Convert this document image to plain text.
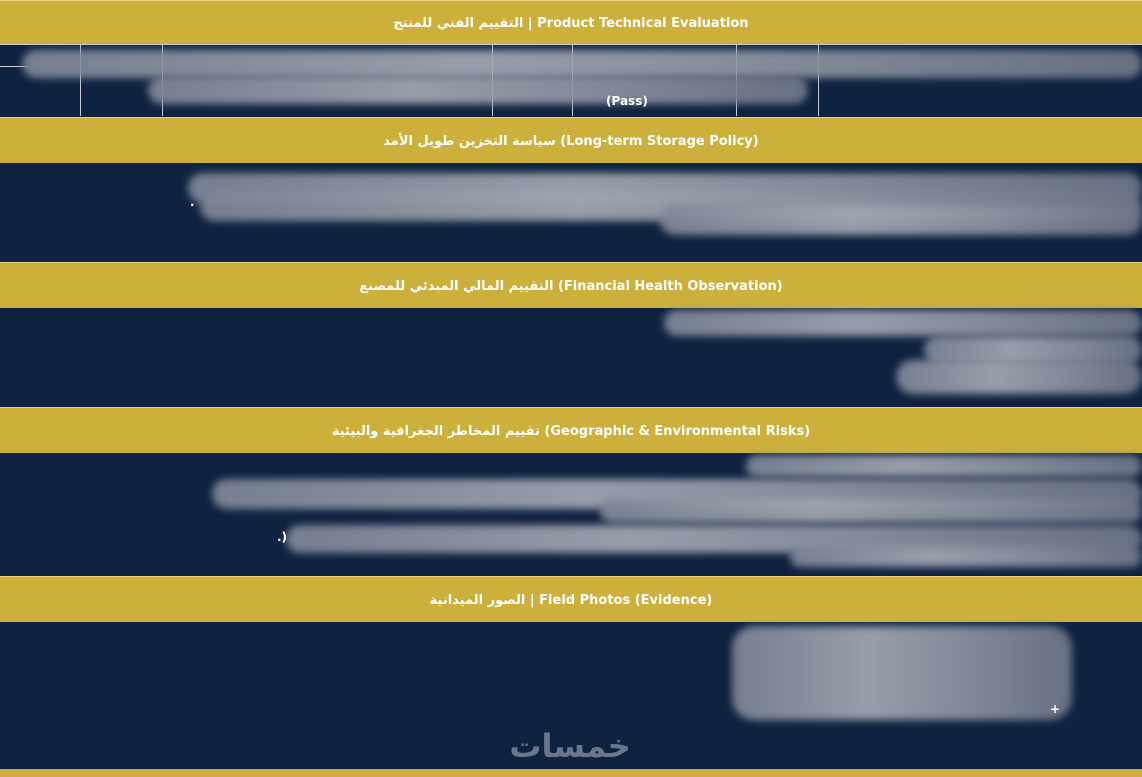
التقييم الفني للمنتج | Product Technical Evaluation
(Pass)
سياسة التخزين طويل الأمد (Long-term Storage Policy)
.
التقييم المالي المبدئي للمصنع (Financial Health Observation)
تقييم المخاطر الجغرافية والبيئية (Geographic & Environmental Risks)
.)
الصور الميدانية | Field Photos (Evidence)
+
خمسات
